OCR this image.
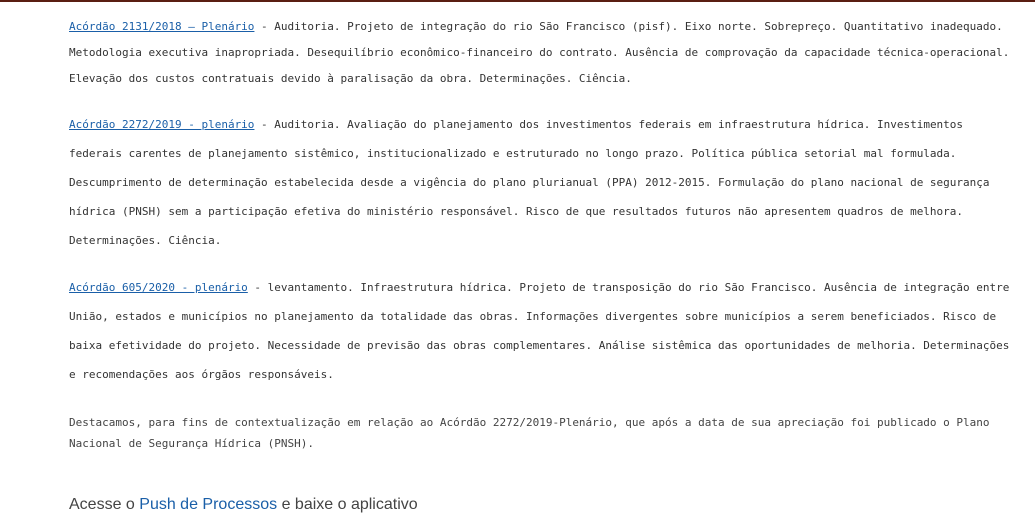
Acórdão 2131/2018 – Plenário - Auditoria. Projeto de integração do rio São Francisco (pisf). Eixo norte. Sobrepreço. Quantitativo inadequado. Metodologia executiva inapropriada. Desequilíbrio econômico-financeiro do contrato. Ausência de comprovação da capacidade técnica-operacional. Elevação dos custos contratuais devido à paralisação da obra. Determinações. Ciência.

Acórdão 2272/2019 - plenário - Auditoria. Avaliação do planejamento dos investimentos federais em infraestrutura hídrica. Investimentos federais carentes de planejamento sistêmico, institucionalizado e estruturado no longo prazo. Política pública setorial mal formulada. Descumprimento de determinação estabelecida desde a vigência do plano plurianual (PPA) 2012-2015. Formulação do plano nacional de segurança hídrica (PNSH) sem a participação efetiva do ministério responsável. Risco de que resultados futuros não apresentem quadros de melhora. Determinações. Ciência.

Acórdão 605/2020 - plenário - levantamento. Infraestrutura hídrica. Projeto de transposição do rio São Francisco. Ausência de integração entre União, estados e municípios no planejamento da totalidade das obras. Informações divergentes sobre municípios a serem beneficiados. Risco de baixa efetividade do projeto. Necessidade de previsão das obras complementares. Análise sistêmica das oportunidades de melhoria. Determinações e recomendações aos órgãos responsáveis.

Destacamos, para fins de contextualização em relação ao Acórdão 2272/2019-Plenário, que após a data de sua apreciação foi publicado o Plano Nacional de Segurança Hídrica (PNSH).

Acesse o Push de Processos e baixe o aplicativo
